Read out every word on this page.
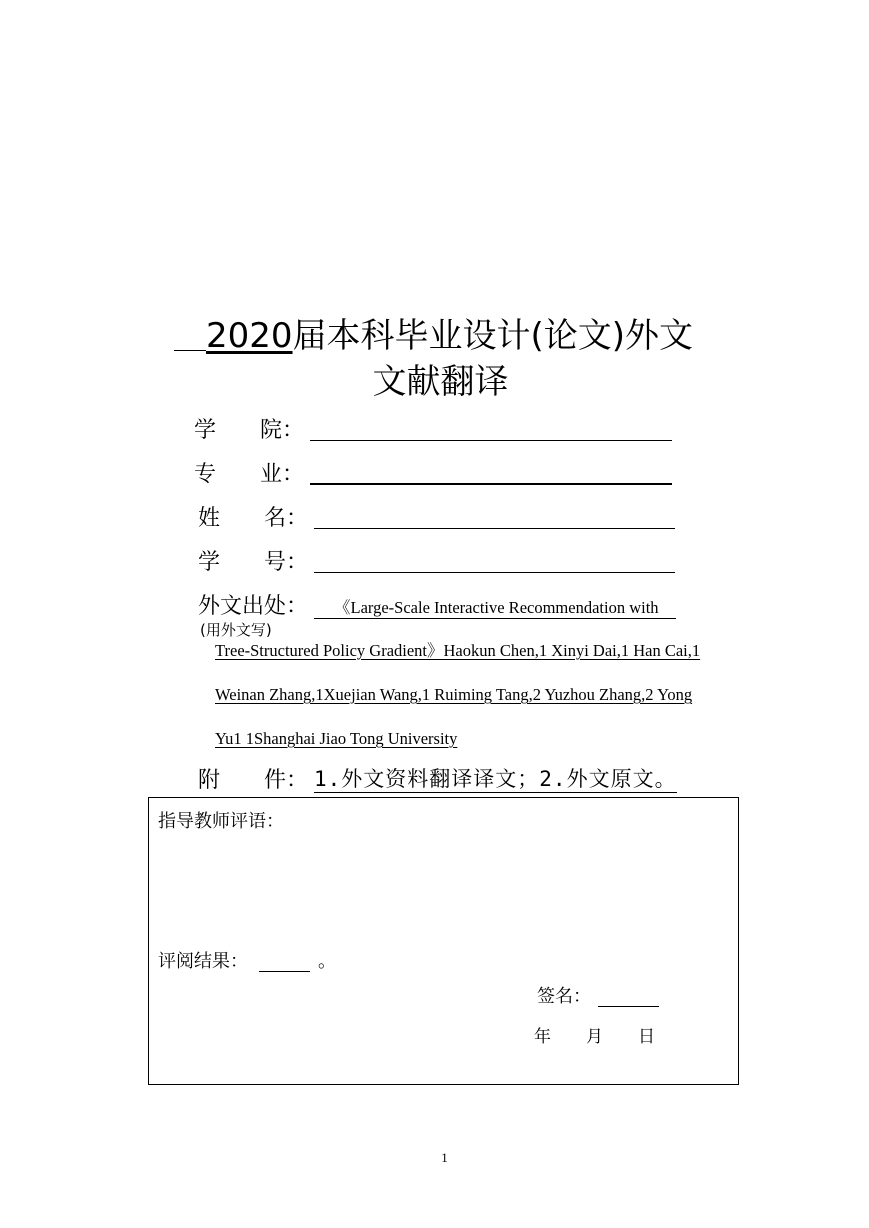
2020届本科毕业设计(论文)外文
文献翻译
学　　院：
专　　业：
姓　　名：
学　　号：
外文出处：
(用外文写)
《Large-Scale Interactive Recommendation with
Tree-Structured Policy Gradient》Haokun Chen,1 Xinyi Dai,1 Han Cai,1
Weinan Zhang,1Xuejian Wang,1 Ruiming Tang,2 Yuzhou Zhang,2 Yong
Yu1 1Shanghai Jiao Tong University
附　　件： 1.外文资料翻译译文；2.外文原文。
指导教师评语：
评阅结果：	。
签名：
年 月 日
1
